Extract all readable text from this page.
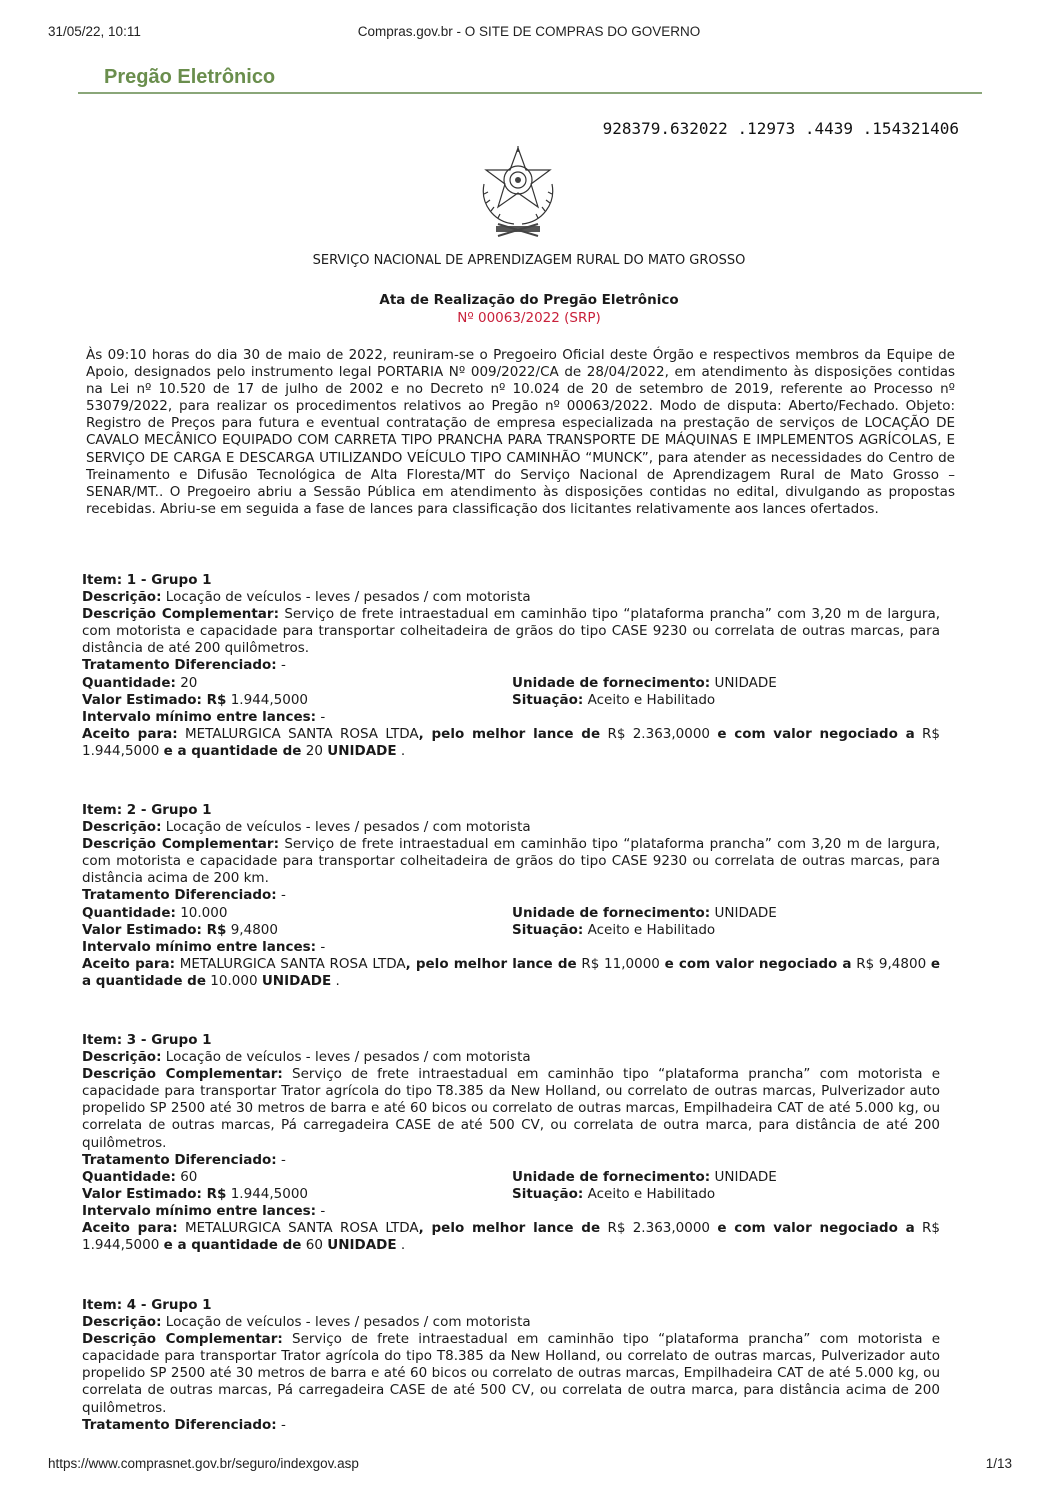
31/05/22, 10:11	Compras.gov.br - O SITE DE COMPRAS DO GOVERNO
Pregão Eletrônico
928379.632022 .12973 .4439 .154321406
SERVIÇO NACIONAL DE APRENDIZAGEM RURAL DO MATO GROSSO
Ata de Realização do Pregão Eletrônico
Nº 00063/2022 (SRP)
Às 09:10 horas do dia 30 de maio de 2022, reuniram-se o Pregoeiro Oficial deste Órgão e respectivos membros da Equipe de Apoio, designados pelo instrumento legal PORTARIA Nº 009/2022/CA de 28/04/2022, em atendimento às disposições contidas na Lei nº 10.520 de 17 de julho de 2002 e no Decreto nº 10.024 de 20 de setembro de 2019, referente ao Processo nº 53079/2022, para realizar os procedimentos relativos ao Pregão nº 00063/2022. Modo de disputa: Aberto/Fechado. Objeto: Registro de Preços para futura e eventual contratação de empresa especializada na prestação de serviços de LOCAÇÃO DE CAVALO MECÂNICO EQUIPADO COM CARRETA TIPO PRANCHA PARA TRANSPORTE DE MÁQUINAS E IMPLEMENTOS AGRÍCOLAS, E SERVIÇO DE CARGA E DESCARGA UTILIZANDO VEÍCULO TIPO CAMINHÃO “MUNCK”, para atender as necessidades do Centro de Treinamento e Difusão Tecnológica de Alta Floresta/MT do Serviço Nacional de Aprendizagem Rural de Mato Grosso – SENAR/MT.. O Pregoeiro abriu a Sessão Pública em atendimento às disposições contidas no edital, divulgando as propostas recebidas. Abriu-se em seguida a fase de lances para classificação dos licitantes relativamente aos lances ofertados.

Item: 1 - Grupo 1

Descrição: Locação de veículos - leves / pesados / com motorista

Descrição Complementar: Serviço de frete intraestadual em caminhão tipo “plataforma prancha” com 3,20 m de largura, com motorista e capacidade para transportar colheitadeira de grãos do tipo CASE 9230 ou correlata de outras marcas, para distância de até 200 quilômetros.

Tratamento Diferenciado: -

Quantidade: 20
Valor Estimado: R$ 1.944,5000
Unidade de fornecimento: UNIDADE
Situação: Aceito e Habilitado

Intervalo mínimo entre lances: -

Aceito para: METALURGICA SANTA ROSA LTDA, pelo melhor lance de R$ 2.363,0000 e com valor negociado a R$ 1.944,5000 e a quantidade de 20 UNIDADE .

Item: 2 - Grupo 1

Descrição: Locação de veículos - leves / pesados / com motorista

Descrição Complementar: Serviço de frete intraestadual em caminhão tipo “plataforma prancha” com 3,20 m de largura, com motorista e capacidade para transportar colheitadeira de grãos do tipo CASE 9230 ou correlata de outras marcas, para distância acima de 200 km.

Tratamento Diferenciado: -

Quantidade: 10.000
Valor Estimado: R$ 9,4800
Unidade de fornecimento: UNIDADE
Situação: Aceito e Habilitado

Intervalo mínimo entre lances: -

Aceito para: METALURGICA SANTA ROSA LTDA, pelo melhor lance de R$ 11,0000 e com valor negociado a R$ 9,4800 e a quantidade de 10.000 UNIDADE .

Item: 3 - Grupo 1

Descrição: Locação de veículos - leves / pesados / com motorista

Descrição Complementar: Serviço de frete intraestadual em caminhão tipo “plataforma prancha” com motorista e capacidade para transportar Trator agrícola do tipo T8.385 da New Holland, ou correlato de outras marcas, Pulverizador auto propelido SP 2500 até 30 metros de barra e até 60 bicos ou correlato de outras marcas, Empilhadeira CAT de até 5.000 kg, ou correlata de outras marcas, Pá carregadeira CASE de até 500 CV, ou correlata de outra marca, para distância de até 200 quilômetros.

Tratamento Diferenciado: -

Quantidade: 60
Valor Estimado: R$ 1.944,5000
Unidade de fornecimento: UNIDADE
Situação: Aceito e Habilitado

Intervalo mínimo entre lances: -

Aceito para: METALURGICA SANTA ROSA LTDA, pelo melhor lance de R$ 2.363,0000 e com valor negociado a R$ 1.944,5000 e a quantidade de 60 UNIDADE .

Item: 4 - Grupo 1

Descrição: Locação de veículos - leves / pesados / com motorista

Descrição Complementar: Serviço de frete intraestadual em caminhão tipo “plataforma prancha” com motorista e capacidade para transportar Trator agrícola do tipo T8.385 da New Holland, ou correlato de outras marcas, Pulverizador auto propelido SP 2500 até 30 metros de barra e até 60 bicos ou correlato de outras marcas, Empilhadeira CAT de até 5.000 kg, ou correlata de outras marcas, Pá carregadeira CASE de até 500 CV, ou correlata de outra marca, para distância acima de 200 quilômetros.

Tratamento Diferenciado: -

https://www.comprasnet.gov.br/seguro/indexgov.asp	1/13
